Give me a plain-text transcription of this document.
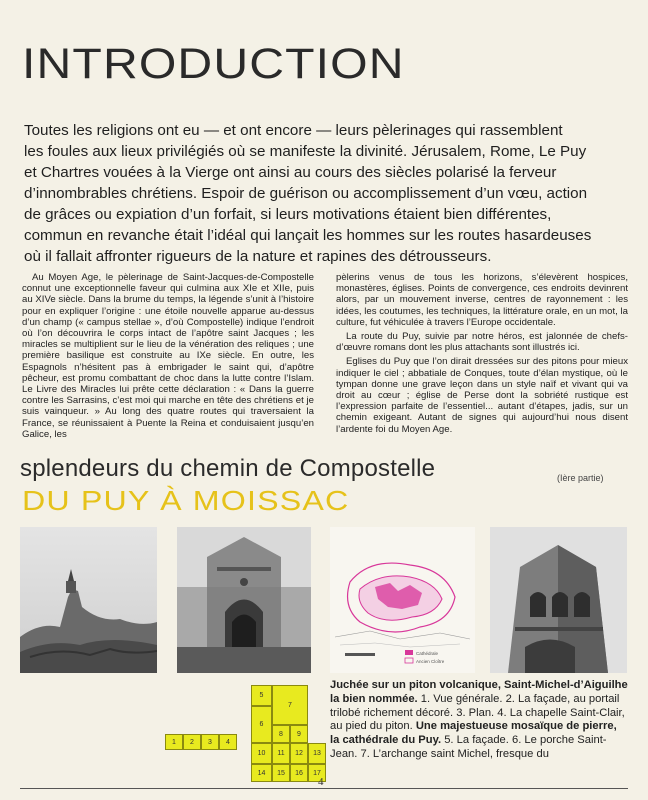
INTRODUCTION
Toutes les religions ont eu — et ont encore — leurs pèlerinages qui rassemblent
les foules aux lieux privilégiés où se manifeste la divinité. Jérusalem, Rome, Le Puy
et Chartres vouées à la Vierge ont ainsi au cours des siècles polarisé la ferveur
d’innombrables chrétiens. Espoir de guérison ou accomplissement d’un vœu, action
de grâces ou expiation d’un forfait, si leurs motivations étaient bien différentes,
commun en revanche était l’idéal qui lançait les hommes sur les routes hasardeuses
où il fallait affronter rigueurs de la nature et rapines des détrousseurs.

Au Moyen Age, le pèlerinage de Saint-Jacques-de-Compostelle connut une exceptionnelle faveur qui culmina aux XIe et XIIe, puis au XIVe siècle. Dans la brume du temps, la légende s’unit à l’histoire pour en expliquer l’origine : une étoile nouvelle apparue au-dessus d’un champ (« campus stellae », d’où Compostelle) indique l’endroit où l’on découvrira le corps intact de l’apôtre saint Jacques ; les miracles se multiplient sur le lieu de la vénération des reliques ; une première basilique est construite au IXe siècle. En outre, les Espagnols n’hésitent pas à embrigader le saint qui, d’apôtre pêcheur, est promu combattant de choc dans la lutte contre l’Islam. Le Livre des Miracles lui prête cette déclaration : « Dans la guerre contre les Sarrasins, c’est moi qui marche en tête des chrétiens et je suis vainqueur. » Au long des quatre routes qui traversaient la France, se réunissaient à Puente la Reina et conduisaient jusqu’en Galice, les

pèlerins venus de tous les horizons, s’élevèrent hospices, monastères, églises. Points de convergence, ces endroits devinrent alors, par un mouvement inverse, centres de rayonnement : les idées, les coutumes, les techniques, la littérature orale, en un mot, la culture, fut véhiculée à travers l’Europe occidentale.

La route du Puy, suivie par notre héros, est jalonnée de chefs-d’œuvre romans dont les plus attachants sont illustrés ici.

Eglises du Puy que l’on dirait dressées sur des pitons pour mieux indiquer le ciel ; abbatiale de Conques, toute d’élan mystique, où le tympan donne une grave leçon dans un style naïf et vivant qui va droit au cœur ; église de Perse dont la sobriété rustique est l’expression parfaite de l’essentiel... autant d’étapes, jadis, sur un chemin exigeant. Autant de signes qui aujourd’hui nous disent l’ardente foi du Moyen Age.

splendeurs du chemin de Compostelle	(Ière partie)
DU PUY À MOISSAC
Cathédrale
Ancien Cloître
5
7
6
8	9
10	11	12	13
14	15	16	17
1	2	3	4
Juchée sur un piton volcanique, Saint-Michel-d’Aiguilhe la bien nommée. 1. Vue générale. 2. La façade, au portail trilobé richement décoré. 3. Plan. 4. La chapelle Saint-Clair, au pied du piton. Une majestueuse mosaïque de pierre, la cathédrale du Puy. 5. La façade. 6. Le porche Saint-Jean. 7. L’archange saint Michel, fresque du
4
